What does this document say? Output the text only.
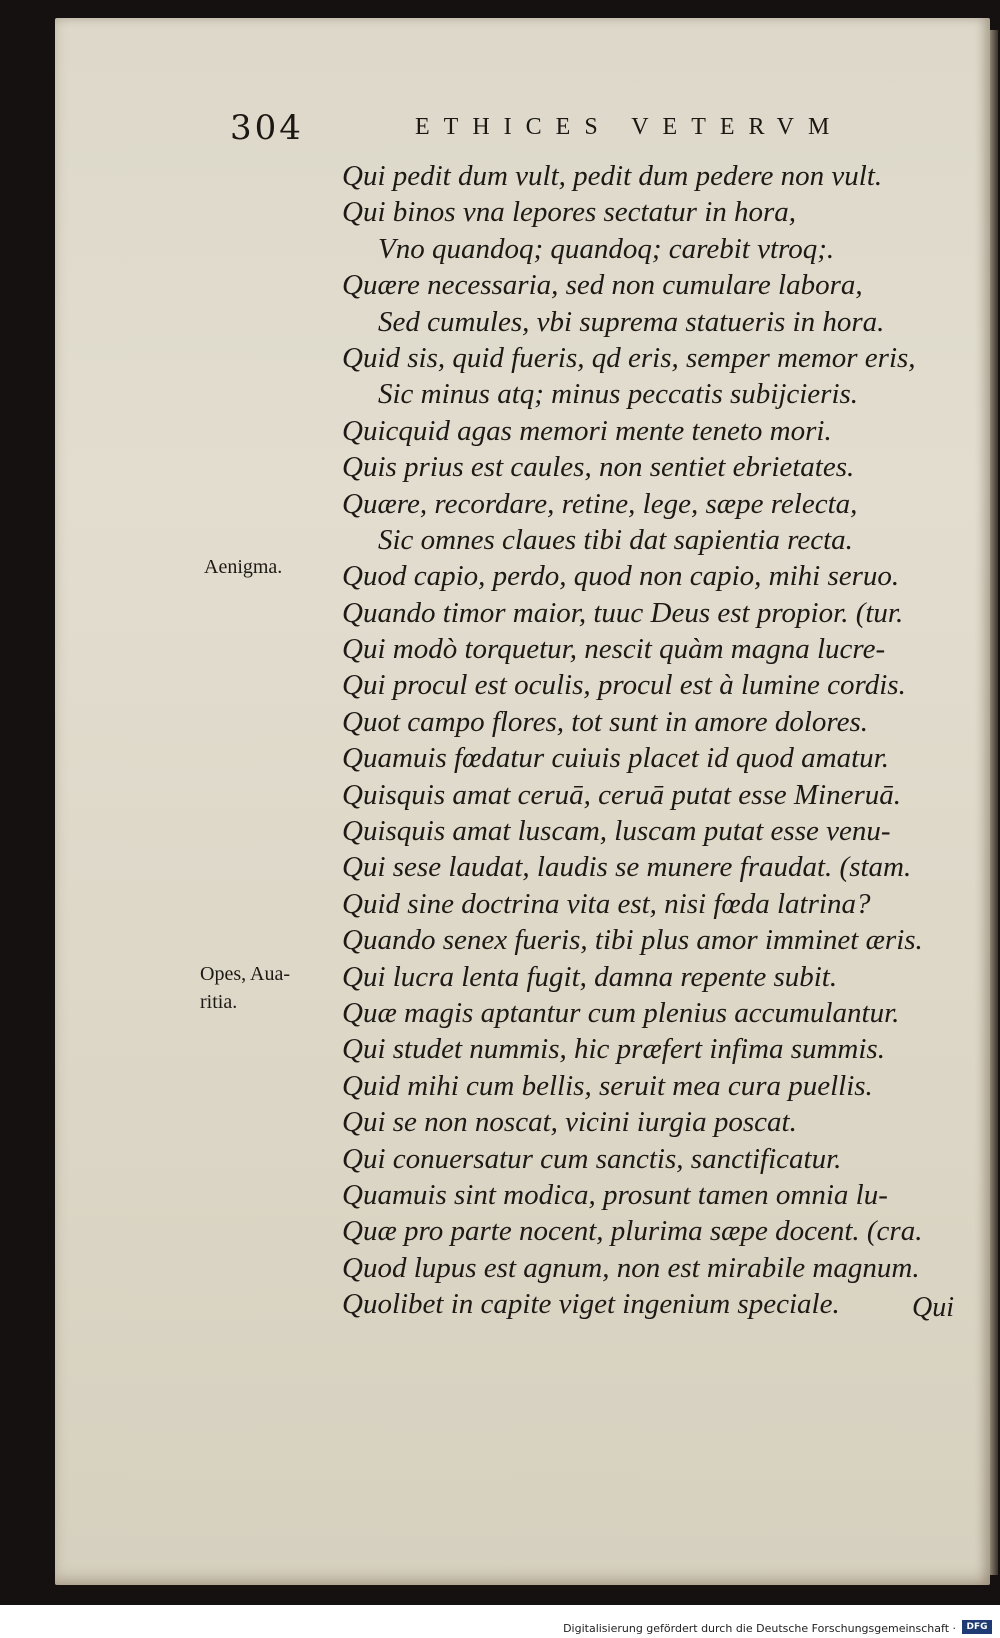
304	ETHICES VETERVM
Aenigma.
Opes, Aua-
ritia.
Qui pedit dum vult, pedit dum pedere non vult.
Qui binos vna lepores sectatur in hora,
Vno quandoq; quandoq; carebit vtroq;.
Quære necessaria, sed non cumulare labora,
Sed cumules, vbi suprema statueris in hora.
Quid sis, quid fueris, qd eris, semper memor eris,
Sic minus atq; minus peccatis subijcieris.
Quicquid agas memori mente teneto mori.
Quis prius est caules, non sentiet ebrietates.
Quære, recordare, retine, lege, sæpe relecta,
Sic omnes claues tibi dat sapientia recta.
Quod capio, perdo, quod non capio, mihi seruo.
Quando timor maior, tuuc Deus est propior. (tur.
Qui modò torquetur, nescit quàm magna lucre-
Qui procul est oculis, procul est à lumine cordis.
Quot campo flores, tot sunt in amore dolores.
Quamuis fœdatur cuiuis placet id quod amatur.
Quisquis amat ceruā, ceruā putat esse Mineruā.
Quisquis amat luscam, luscam putat esse venu-
Qui sese laudat, laudis se munere fraudat. (stam.
Quid sine doctrina vita est, nisi fœda latrina?
Quando senex fueris, tibi plus amor imminet æris.
Qui lucra lenta fugit, damna repente subit.
Quæ magis aptantur cum plenius accumulantur.
Qui studet nummis, hic præfert infima summis.
Quid mihi cum bellis, seruit mea cura puellis.
Qui se non noscat, vicini iurgia poscat.
Qui conuersatur cum sanctis, sanctificatur.
Quamuis sint modica, prosunt tamen omnia lu-
Quæ pro parte nocent, plurima sæpe docent. (cra.
Quod lupus est agnum, non est mirabile magnum.
Quolibet in capite viget ingenium speciale.	Qui
Digitalisierung gefördert durch die Deutsche Forschungsgemeinschaft ·	DFG
